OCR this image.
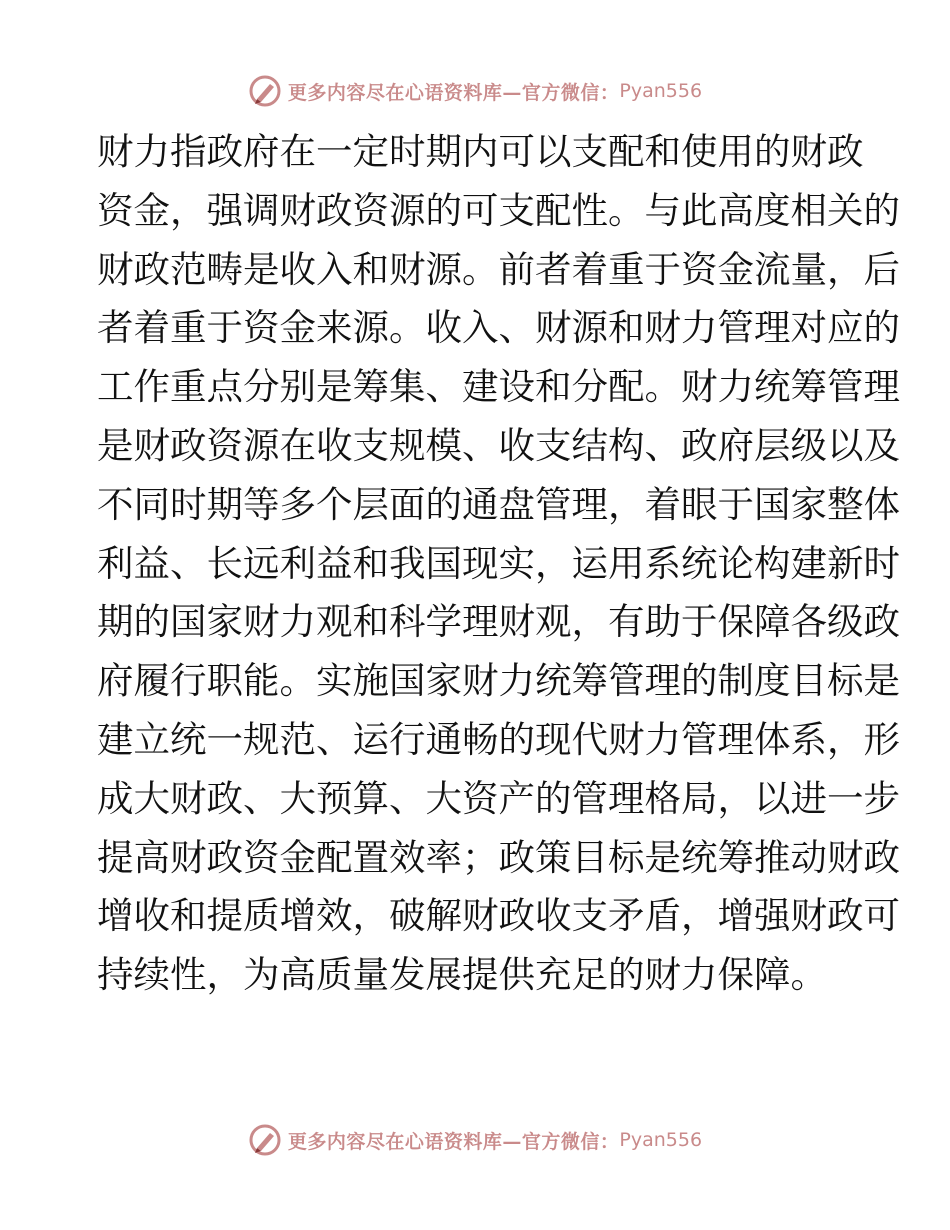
更多内容尽在心语资料库—官方微信： Pyan556
财力指政府在一定时期内可以支配和使用的财政
资金，强调财政资源的可支配性。与此高度相关的
财政范畴是收入和财源。前者着重于资金流量，后
者着重于资金来源。收入、财源和财力管理对应的
工作重点分别是筹集、建设和分配。财力统筹管理
是财政资源在收支规模、收支结构、政府层级以及
不同时期等多个层面的通盘管理，着眼于国家整体
利益、长远利益和我国现实，运用系统论构建新时
期的国家财力观和科学理财观，有助于保障各级政
府履行职能。实施国家财力统筹管理的制度目标是
建立统一规范、运行通畅的现代财力管理体系，形
成大财政、大预算、大资产的管理格局，以进一步
提高财政资金配置效率；政策目标是统筹推动财政
增收和提质增效，破解财政收支矛盾，增强财政可
持续性，为高质量发展提供充足的财力保障。
更多内容尽在心语资料库—官方微信： Pyan556
